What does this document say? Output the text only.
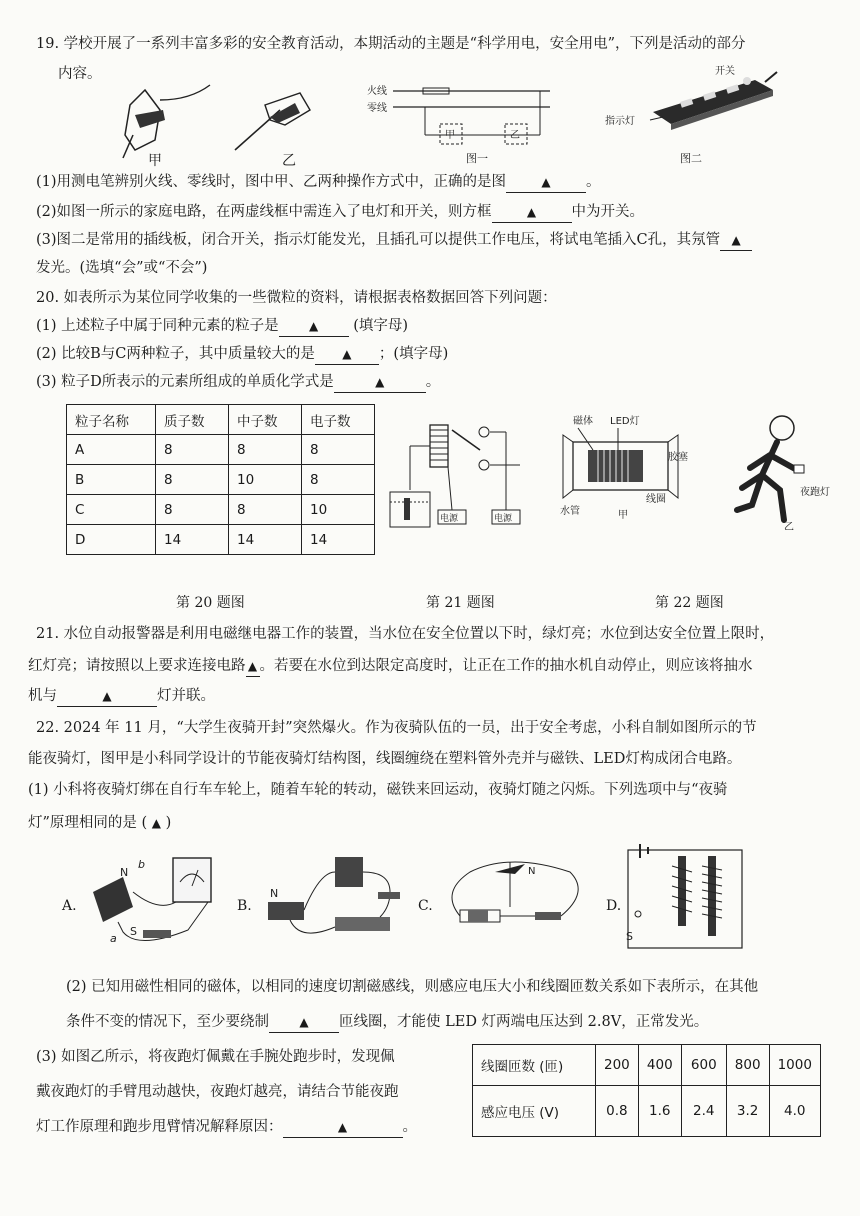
19. 学校开展了一系列丰富多彩的安全教育活动，本期活动的主题是“科学用电，安全用电”，下列是活动的部分
内容。
甲	乙
火线
零线
甲	乙
图一
开关
指示灯
图二
(1)用测电笔辨别火线、零线时，图中甲、乙两种操作方式中，正确的是图	▲ 。
(2)如图一所示的家庭电路，在两虚线框中需连入了电灯和开关，则方框	▲ 中为开关。
(3)图二是常用的插线板，闭合开关，指示灯能发光，且插孔可以提供工作电压，将试电笔插入C孔，其氖管 ▲
发光。(选填“会”或“不会”)
20. 如表所示为某位同学收集的一些微粒的资料，请根据表格数据回答下列问题：
(1) 上述粒子中属于同种元素的粒子是	▲ (填字母)
(2) 比较B与C两种粒子，其中质量较大的是 ▲ ；(填字母)
(3) 粒子D所表示的元素所组成的单质化学式是	▲	。
粒子名称	质子数	中子数	电子数
A	8	8	8
B	8	10	8
C	8	8	10
D	14	14	14
电源	电源
磁体 LED灯
胶塞
水管
线圈
甲
夜跑灯
乙
第 20 题图	第 21 题图	第 22 题图
21. 水位自动报警器是利用电磁继电器工作的装置，当水位在安全位置以下时，绿灯亮；水位到达安全位置上限时，
红灯亮；请按照以上要求连接电路 ▲ 。若要在水位到达限定高度时，让正在工作的抽水机自动停止，则应该将抽水
机与	▲	灯并联。
22. 2024 年 11 月，“大学生夜骑开封”突然爆火。作为夜骑队伍的一员，出于安全考虑，小科自制如图所示的节
能夜骑灯，图甲是小科同学设计的节能夜骑灯结构图，线圈缠绕在塑料管外壳并与磁铁、LED灯构成闭合电路。
(1) 小科将夜骑灯绑在自行车车轮上，随着车轮的转动，磁铁来回运动，夜骑灯随之闪烁。下列选项中与“夜骑
灯”原理相同的是 ( ▲ )
A.
N
b
a
S
B.
N
C.
N
D.
S
(2) 已知用磁性相同的磁体，以相同的速度切割磁感线，则感应电压大小和线圈匝数关系如下表所示，在其他
条件不变的情况下，至少要绕制	▲ 匝线圈，才能使 LED 灯两端电压达到 2.8V，正常发光。
(3) 如图乙所示，将夜跑灯佩戴在手腕处跑步时，发现佩
戴夜跑灯的手臂甩动越快，夜跑灯越亮，请结合节能夜跑
灯工作原理和跑步甩臂情况解释原因：	▲	。
线圈匝数 (匝)	200	400	600	800	1000
感应电压 (V)	0.8	1.6	2.4	3.2	4.0
